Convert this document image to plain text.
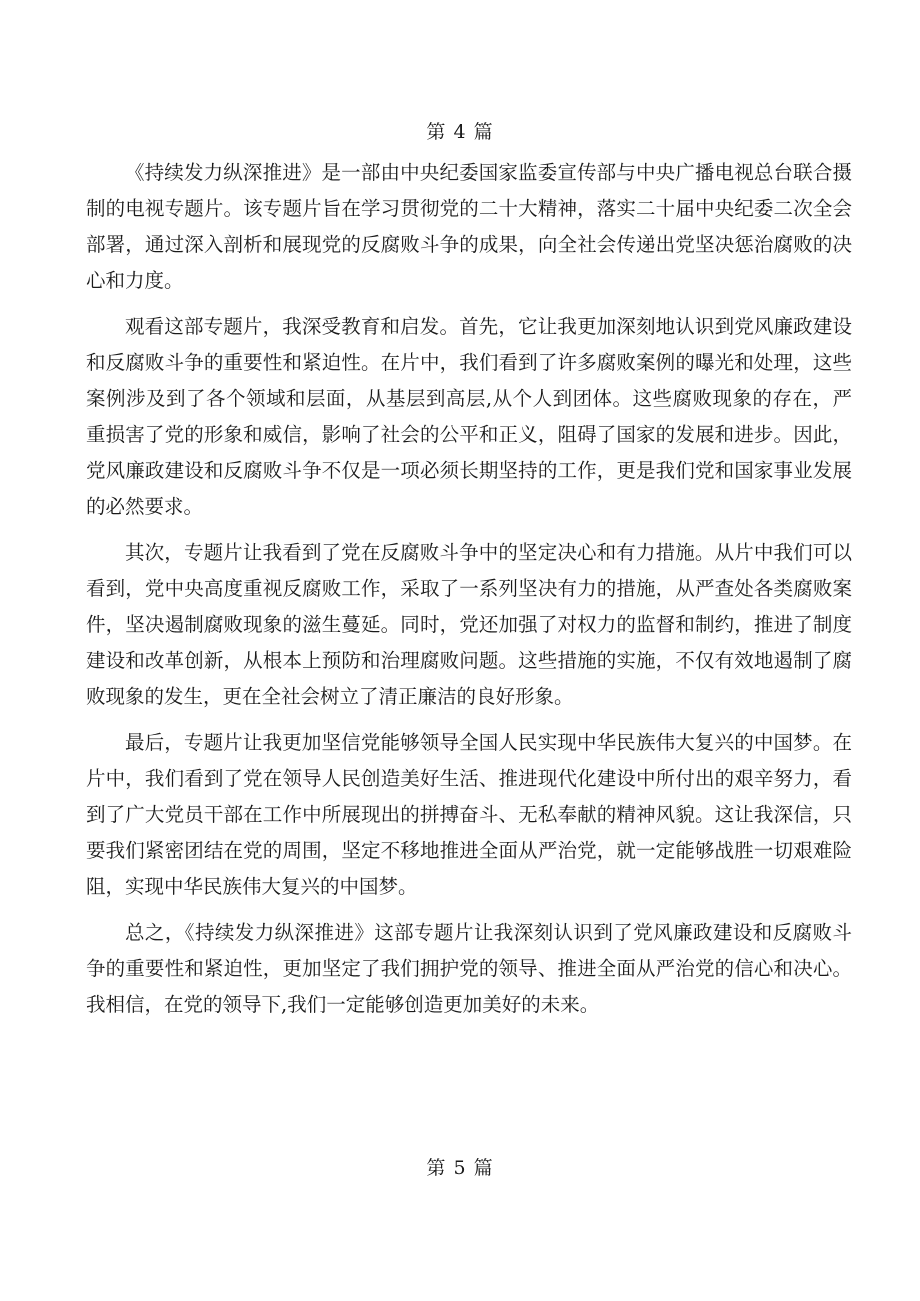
第 4 篇

《持续发力纵深推进》是一部由中央纪委国家监委宣传部与中央广播电视总台联合摄制的电视专题片。该专题片旨在学习贯彻党的二十大精神，落实二十届中央纪委二次全会部署，通过深入剖析和展现党的反腐败斗争的成果，向全社会传递出党坚决惩治腐败的决心和力度。

观看这部专题片，我深受教育和启发。首先，它让我更加深刻地认识到党风廉政建设和反腐败斗争的重要性和紧迫性。在片中，我们看到了许多腐败案例的曝光和处理，这些案例涉及到了各个领域和层面，从基层到高层,从个人到团体。这些腐败现象的存在，严重损害了党的形象和威信，影响了社会的公平和正义，阻碍了国家的发展和进步。因此，党风廉政建设和反腐败斗争不仅是一项必须长期坚持的工作，更是我们党和国家事业发展的必然要求。

其次，专题片让我看到了党在反腐败斗争中的坚定决心和有力措施。从片中我们可以看到，党中央高度重视反腐败工作，采取了一系列坚决有力的措施，从严查处各类腐败案件，坚决遏制腐败现象的滋生蔓延。同时，党还加强了对权力的监督和制约，推进了制度建设和改革创新，从根本上预防和治理腐败问题。这些措施的实施，不仅有效地遏制了腐败现象的发生，更在全社会树立了清正廉洁的良好形象。

最后，专题片让我更加坚信党能够领导全国人民实现中华民族伟大复兴的中国梦。在片中，我们看到了党在领导人民创造美好生活、推进现代化建设中所付出的艰辛努力，看到了广大党员干部在工作中所展现出的拼搏奋斗、无私奉献的精神风貌。这让我深信，只要我们紧密团结在党的周围，坚定不移地推进全面从严治党，就一定能够战胜一切艰难险阻，实现中华民族伟大复兴的中国梦。

总之，《持续发力纵深推进》这部专题片让我深刻认识到了党风廉政建设和反腐败斗争的重要性和紧迫性，更加坚定了我们拥护党的领导、推进全面从严治党的信心和决心。我相信，在党的领导下,我们一定能够创造更加美好的未来。

第 5 篇
